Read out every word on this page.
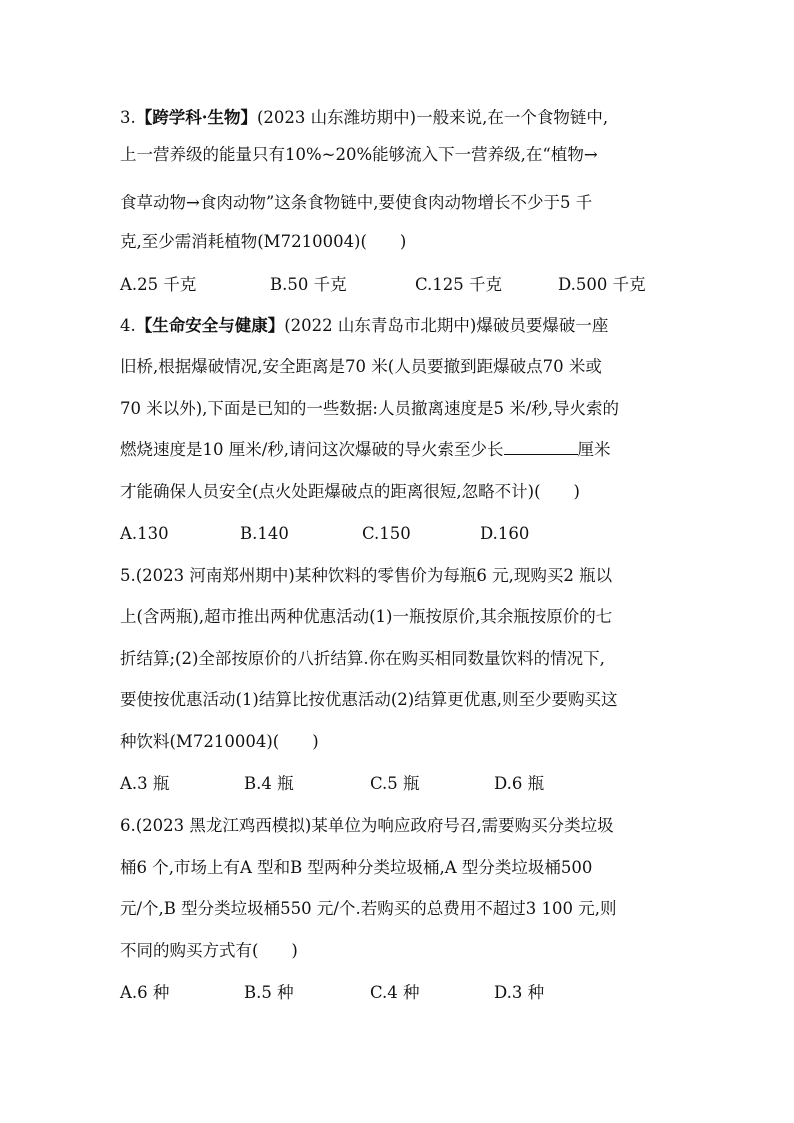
3.【跨学科·生物】(2023 山东潍坊期中)一般来说,在一个食物链中,
上一营养级的能量只有10%~20%能够流入下一营养级,在“植物→
食草动物→食肉动物”这条食物链中,要使食肉动物增长不少于5 千
克,至少需消耗植物(M7210004)(　　)
A.25 千克	B.50 千克	C.125 千克	D.500 千克
4.【生命安全与健康】(2022 山东青岛市北期中)爆破员要爆破一座
旧桥,根据爆破情况,安全距离是70 米(人员要撤到距爆破点70 米或
70 米以外),下面是已知的一些数据:人员撤离速度是5 米/秒,导火索的
燃烧速度是10 厘米/秒,请问这次爆破的导火索至少长	厘米
才能确保人员安全(点火处距爆破点的距离很短,忽略不计)(　　)
A.130	B.140	C.150	D.160
5.(2023 河南郑州期中)某种饮料的零售价为每瓶6 元,现购买2 瓶以
上(含两瓶),超市推出两种优惠活动(1)一瓶按原价,其余瓶按原价的七
折结算;(2)全部按原价的八折结算.你在购买相同数量饮料的情况下,
要使按优惠活动(1)结算比按优惠活动(2)结算更优惠,则至少要购买这
种饮料(M7210004)(　　)
A.3 瓶	B.4 瓶	C.5 瓶	D.6 瓶
6.(2023 黑龙江鸡西模拟)某单位为响应政府号召,需要购买分类垃圾
桶6 个,市场上有A 型和B 型两种分类垃圾桶,A 型分类垃圾桶500
元/个,B 型分类垃圾桶550 元/个.若购买的总费用不超过3 100 元,则
不同的购买方式有(　　)
A.6 种	B.5 种	C.4 种	D.3 种
